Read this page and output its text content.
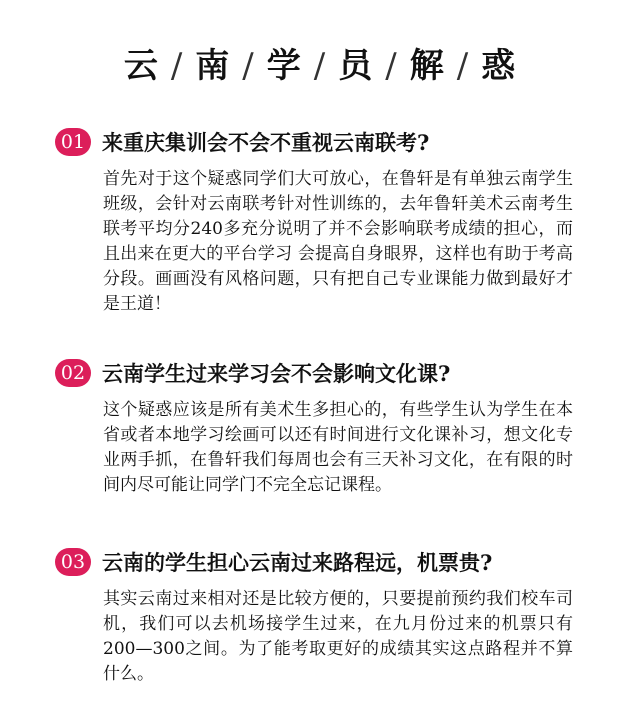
云 / 南 / 学 / 员 / 解 / 惑
01 来重庆集训会不会不重视云南联考?
首先对于这个疑惑同学们大可放心，在鲁轩是有单独云南学生班级，会针对云南联考针对性训练的，去年鲁轩美术云南考生联考平均分240多充分说明了并不会影响联考成绩的担心，而且出来在更大的平台学习 会提高自身眼界，这样也有助于考高分段。画画没有风格问题，只有把自己专业课能力做到最好才是王道！
02 云南学生过来学习会不会影响文化课?
这个疑惑应该是所有美术生多担心的，有些学生认为学生在本省或者本地学习绘画可以还有时间进行文化课补习，想文化专业两手抓，在鲁轩我们每周也会有三天补习文化，在有限的时间内尽可能让同学门不完全忘记课程。
03 云南的学生担心云南过来路程远，机票贵?
其实云南过来相对还是比较方便的，只要提前预约我们校车司机，我们可以去机场接学生过来，在九月份过来的机票只有200—300之间。为了能考取更好的成绩其实这点路程并不算什么。
